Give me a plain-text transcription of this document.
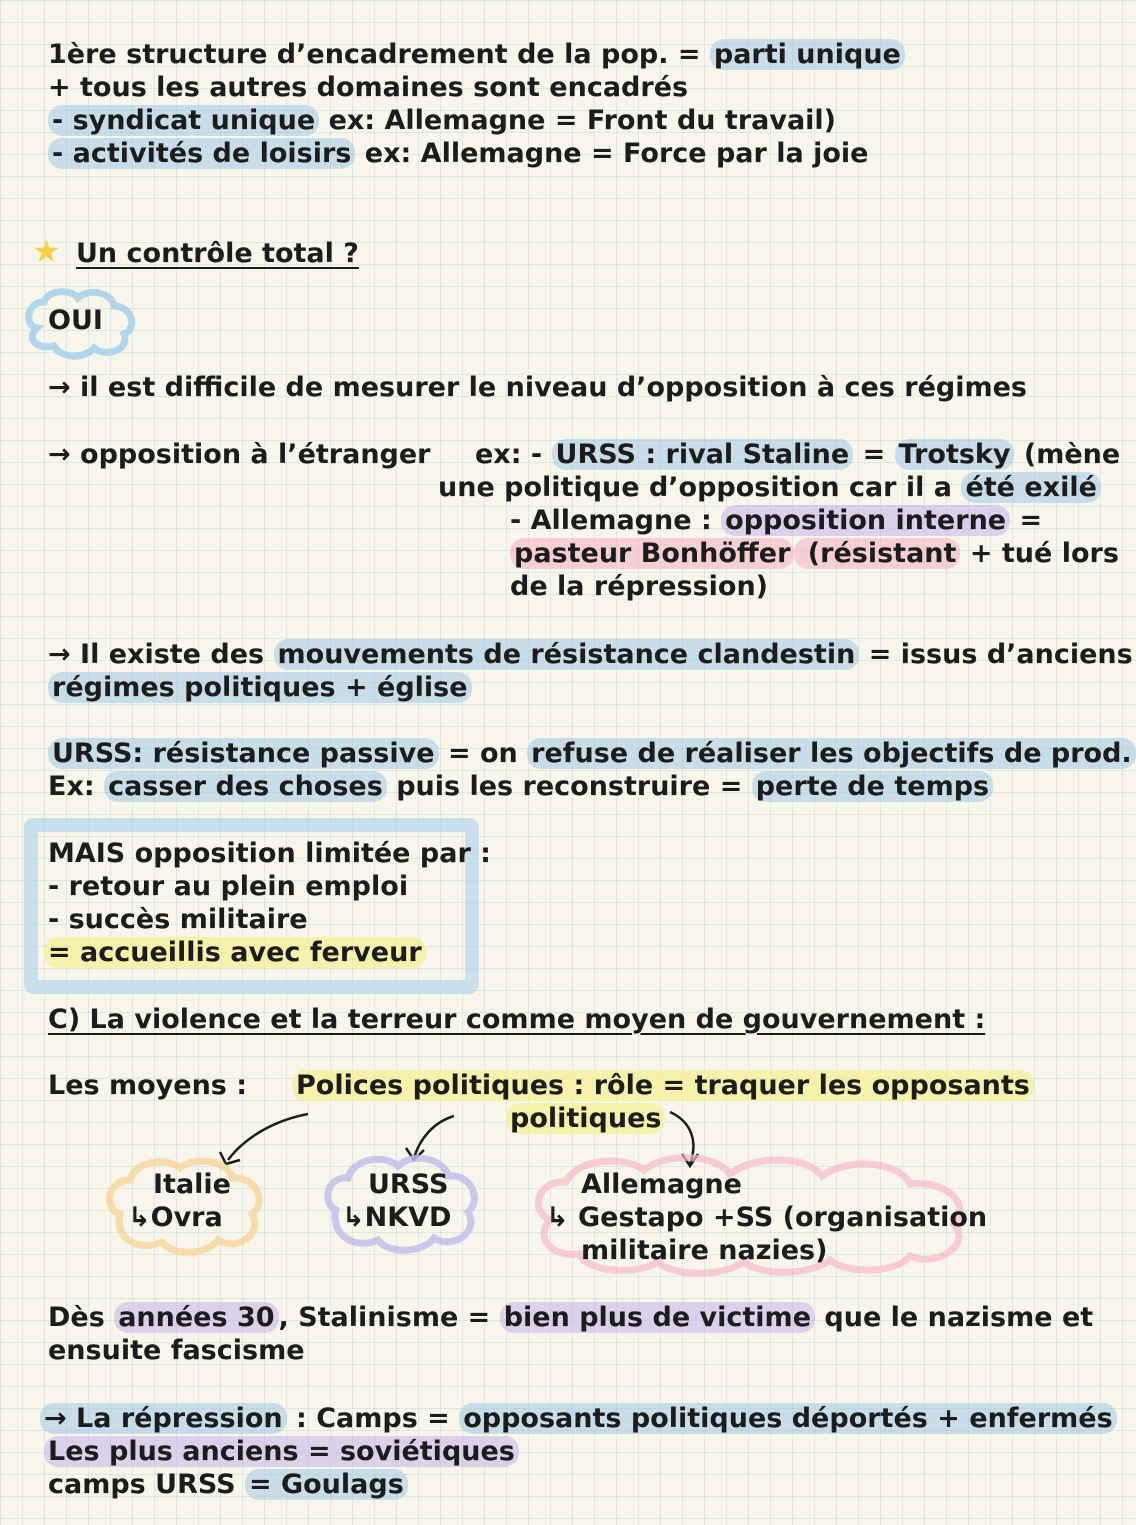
1ère structure d’encadrement de la pop. = parti unique
+ tous les autres domaines sont encadrés
- syndicat unique ex: Allemagne = Front du travail)
- activités de loisirs ex: Allemagne = Force par la joie
★ Un contrôle total ?
OUI
→ il est difficile de mesurer le niveau d’opposition à ces régimes
→ opposition à l’étranger ex: - URSS : rival Staline = Trotsky (mène
une politique d’opposition car il a été exilé
- Allemagne : opposition interne =
pasteur Bonhöffer (résistant + tué lors
de la répression)
→ Il existe des mouvements de résistance clandestin = issus d’anciens
régimes politiques + église
URSS: résistance passive = on refuse de réaliser les objectifs de prod.
Ex: casser des choses puis les reconstruire = perte de temps
MAIS opposition limitée par :
- retour au plein emploi
- succès militaire
= accueillis avec ferveur
C) La violence et la terreur comme moyen de gouvernement :
Les moyens : Polices politiques : rôle = traquer les opposants
politiques
Italie
↳Ovra
URSS
↳NKVD
Allemagne
↳ Gestapo +SS (organisation
militaire nazies)
Dès années 30 , Stalinisme = bien plus de victime que le nazisme et
ensuite fascisme
→ La répression : Camps = opposants politiques déportés + enfermés
Les plus anciens = soviétiques
camps URSS = Goulags
